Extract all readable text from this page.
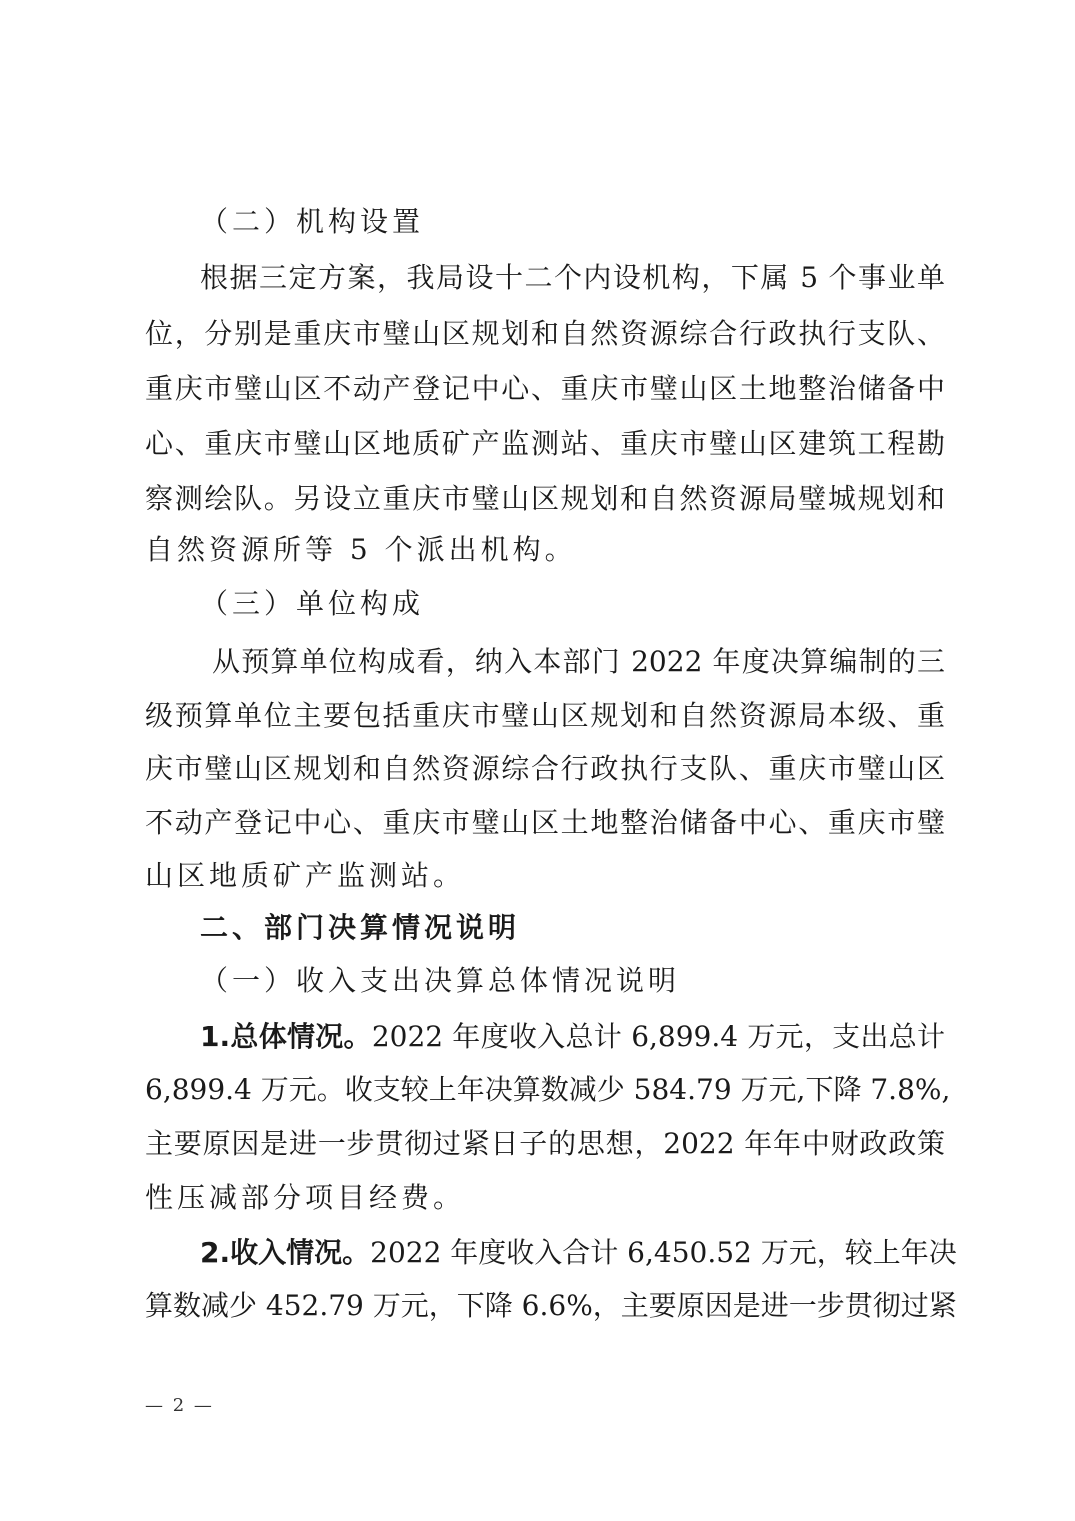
（二）机构设置
根据三定方案，我局设十二个内设机构，下属 5 个事业单
位，分别是重庆市璧山区规划和自然资源综合行政执行支队、
重庆市璧山区不动产登记中心、重庆市璧山区土地整治储备中
心、重庆市璧山区地质矿产监测站、重庆市璧山区建筑工程勘
察测绘队。另设立重庆市璧山区规划和自然资源局璧城规划和
自然资源所等 5 个派出机构。
（三）单位构成
从预算单位构成看，纳入本部门 2022 年度决算编制的三
级预算单位主要包括重庆市璧山区规划和自然资源局本级、重
庆市璧山区规划和自然资源综合行政执行支队、重庆市璧山区
不动产登记中心、重庆市璧山区土地整治储备中心、重庆市璧
山区地质矿产监测站。
二、部门决算情况说明
（一）收入支出决算总体情况说明
1.总体情况。2022 年度收入总计 6,899.4 万元，支出总计
6,899.4 万元。收支较上年决算数减少 584.79 万元,下降 7.8%,
主要原因是进一步贯彻过紧日子的思想，2022 年年中财政政策
性压减部分项目经费。
2.收入情况。2022 年度收入合计 6,450.52 万元，较上年决
算数减少 452.79 万元，下降 6.6%，主要原因是进一步贯彻过紧
— 2 —
